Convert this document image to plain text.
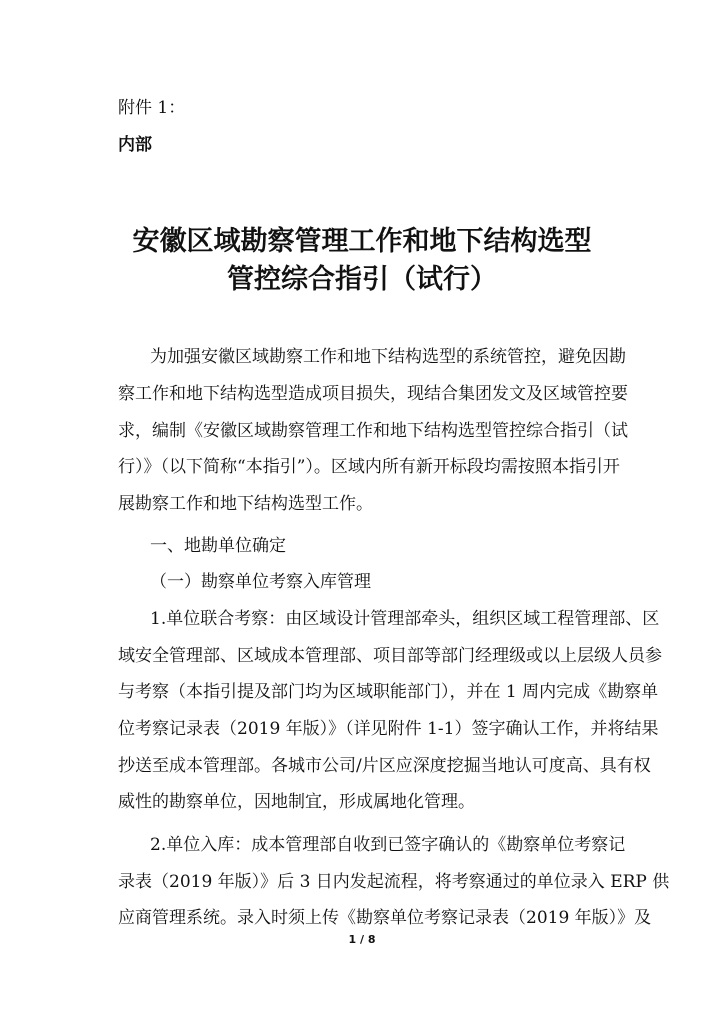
附件 1：
内部
安徽区域勘察管理工作和地下结构选型
管控综合指引（试行）
为加强安徽区域勘察工作和地下结构选型的系统管控，避免因勘
察工作和地下结构选型造成项目损失，现结合集团发文及区域管控要
求，编制《安徽区域勘察管理工作和地下结构选型管控综合指引（试
行）》（以下简称“本指引”）。区域内所有新开标段均需按照本指引开
展勘察工作和地下结构选型工作。
一、地勘单位确定
（一）勘察单位考察入库管理
1.单位联合考察：由区域设计管理部牵头，组织区域工程管理部、区
域安全管理部、区域成本管理部、项目部等部门经理级或以上层级人员参
与考察（本指引提及部门均为区域职能部门），并在 1 周内完成《勘察单
位考察记录表（2019 年版）》（详见附件 1-1）签字确认工作，并将结果
抄送至成本管理部。各城市公司/片区应深度挖掘当地认可度高、具有权
威性的勘察单位，因地制宜，形成属地化管理。
2.单位入库：成本管理部自收到已签字确认的《勘察单位考察记
录表（2019 年版）》后 3 日内发起流程，将考察通过的单位录入 ERP 供
应商管理系统。录入时须上传《勘察单位考察记录表（2019 年版）》及
1 / 8
